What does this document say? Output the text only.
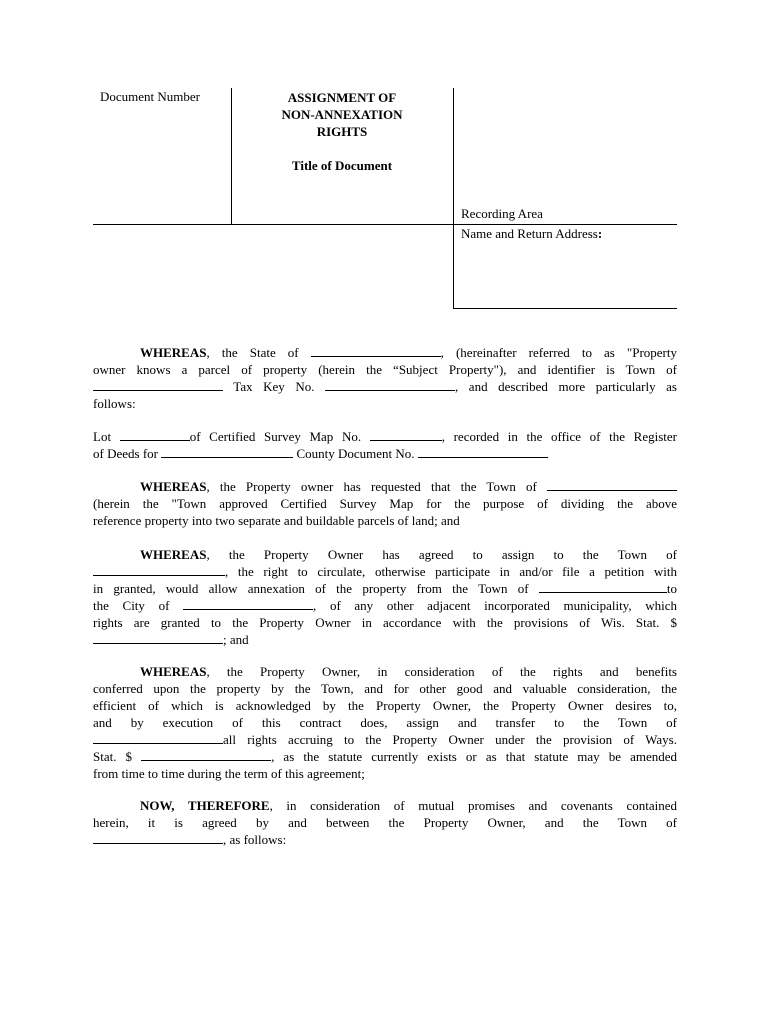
Document Number	ASSIGNMENT OF
NON-ANNEXATION
RIGHTS
Title of Document
Recording Area
Name and Return Address:
WHEREAS, the State of	, (hereinafter referred to as "Property
owner knows a parcel of property (herein the “Subject Property"), and identifier is Town of
Tax Key No.	, and described more particularly as
follows:
Lot	of Certified Survey Map No.	, recorded in the office of the Register
of Deeds for	County Document No.
WHEREAS, the Property owner has requested that the Town of
(herein the "Town approved Certified Survey Map for the purpose of dividing the above
reference property into two separate and buildable parcels of land; and
WHEREAS, the Property Owner has agreed to assign to the Town of
, the right to circulate, otherwise participate in and/or file a petition with
in granted, would allow annexation of the property from the Town of	to
the City of	, of any other adjacent incorporated municipality, which
rights are granted to the Property Owner in accordance with the provisions of Wis. Stat. $
; and
WHEREAS, the Property Owner, in consideration of the rights and benefits
conferred upon the property by the Town, and for other good and valuable consideration, the
efficient of which is acknowledged by the Property Owner, the Property Owner desires to,
and by execution of this contract does, assign and transfer to the Town of
all rights accruing to the Property Owner under the provision of Ways.
Stat. $	, as the statute currently exists or as that statute may be amended
from time to time during the term of this agreement;
NOW, THEREFORE, in consideration of mutual promises and covenants contained
herein, it is agreed by and between the Property Owner, and the Town of
, as follows:
